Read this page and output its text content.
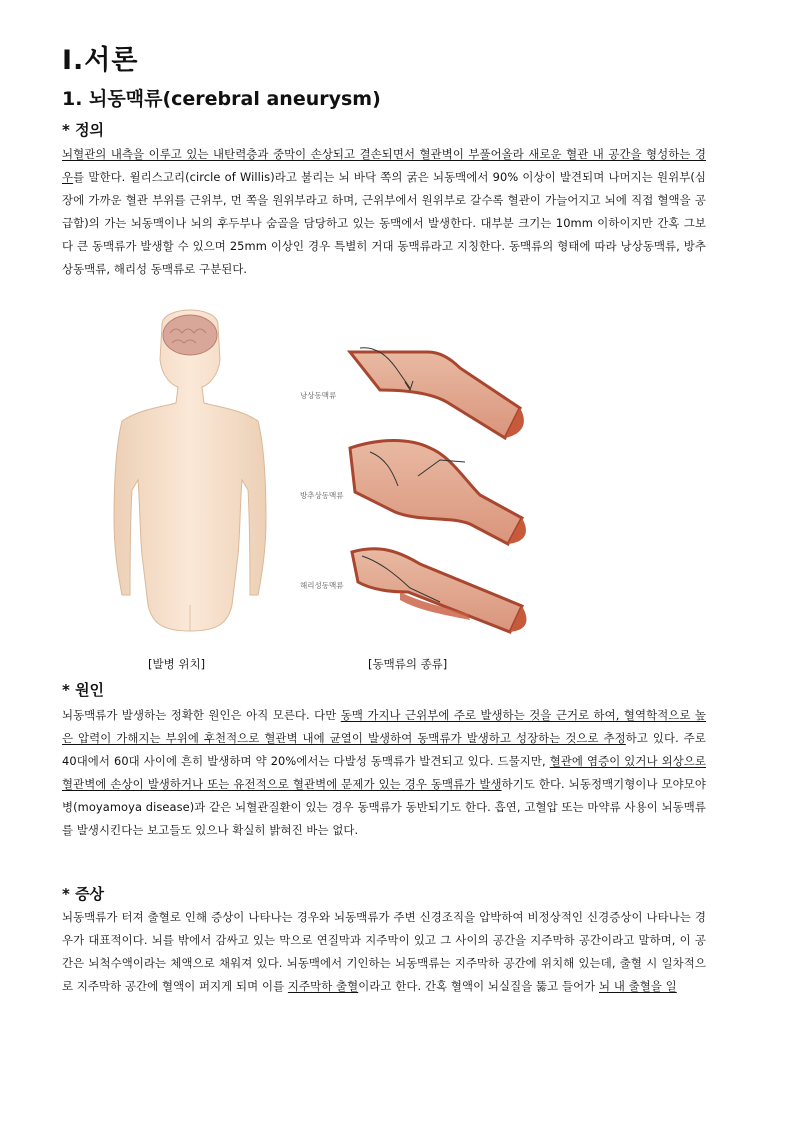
Ⅰ.서론
1. 뇌동맥류(cerebral aneurysm)
* 정의
뇌혈관의 내측을 이루고 있는 내탄력층과 중막이 손상되고 결손되면서 혈관벽이 부풀어올라 새로운 혈관 내 공간을 형성하는 경우를 말한다. 윌리스고리(circle of Willis)라고 불리는 뇌 바닥 쪽의 굵은 뇌동맥에서 90% 이상이 발견되며 나머지는 원위부(심장에 가까운 혈관 부위를 근위부, 먼 쪽을 원위부라고 하며, 근위부에서 원위부로 갈수록 혈관이 가늘어지고 뇌에 직접 혈액을 공급함)의 가는 뇌동맥이나 뇌의 후두부나 숨골을 담당하고 있는 동맥에서 발생한다. 대부분 크기는 10mm 이하이지만 간혹 그보다 큰 동맥류가 발생할 수 있으며 25mm 이상인 경우 특별히 거대 동맥류라고 지칭한다. 동맥류의 형태에 따라 낭상동맥류, 방추상동맥류, 해리성 동맥류로 구분된다.
낭상동맥류
방추상동맥류
해리성동맥류
[발병 위치]	[동맥류의 종류]
* 원인
뇌동맥류가 발생하는 정확한 원인은 아직 모른다. 다만 동맥 가지나 근위부에 주로 발생하는 것을 근거로 하여, 혈역학적으로 높은 압력이 가해지는 부위에 후천적으로 혈관벽 내에 균열이 발생하여 동맥류가 발생하고 성장하는 것으로 추정하고 있다. 주로 40대에서 60대 사이에 흔히 발생하며 약 20%에서는 다발성 동맥류가 발견되고 있다. 드물지만, 혈관에 염증이 있거나 외상으로 혈관벽에 손상이 발생하거나 또는 유전적으로 혈관벽에 문제가 있는 경우 동맥류가 발생하기도 한다. 뇌동정맥기형이나 모야모야병(moyamoya disease)과 같은 뇌혈관질환이 있는 경우 동맥류가 동반되기도 한다. 흡연, 고혈압 또는 마약류 사용이 뇌동맥류를 발생시킨다는 보고들도 있으나 확실히 밝혀진 바는 없다.
* 증상
뇌동맥류가 터져 출혈로 인해 증상이 나타나는 경우와 뇌동맥류가 주변 신경조직을 압박하여 비정상적인 신경증상이 나타나는 경우가 대표적이다. 뇌를 밖에서 감싸고 있는 막으로 연질막과 지주막이 있고 그 사이의 공간을 지주막하 공간이라고 말하며, 이 공간은 뇌척수액이라는 체액으로 채워져 있다. 뇌동맥에서 기인하는 뇌동맥류는 지주막하 공간에 위치해 있는데, 출혈 시 일차적으로 지주막하 공간에 혈액이 퍼지게 되며 이를 지주막하 출혈이라고 한다. 간혹 혈액이 뇌실질을 뚫고 들어가 뇌 내 출혈을 일
